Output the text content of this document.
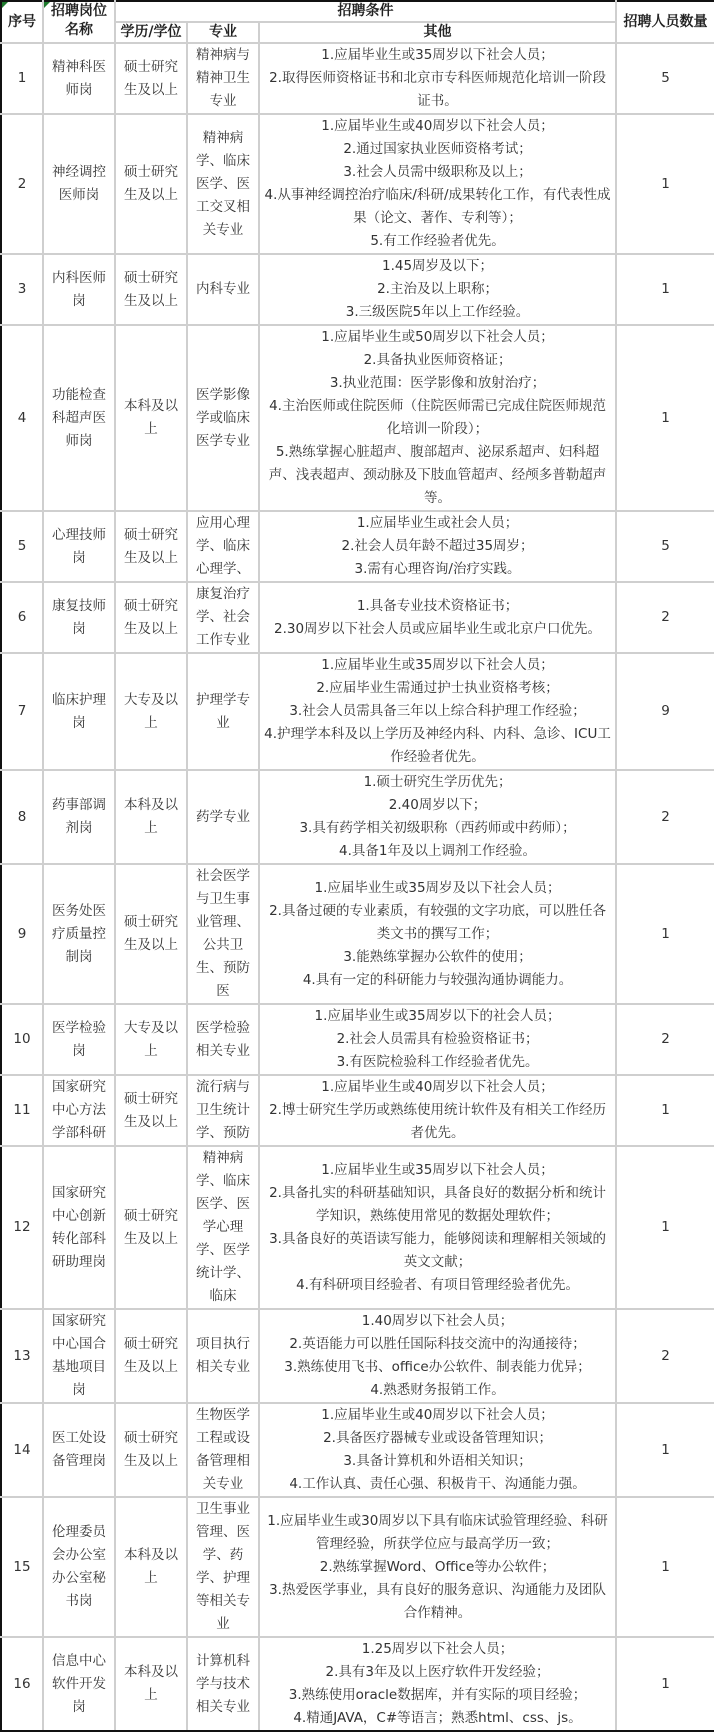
序号	招聘岗位名称	招聘条件			招聘人员数量
		学历/学位	专业	其他	
1	精神科医师岗	硕士研究生及以上	精神病与精神卫生专业	1.应届毕业生或35周岁以下社会人员；
2.取得医师资格证书和北京市专科医师规范化培训一阶段证书。	5
2	神经调控医师岗	硕士研究生及以上	精神病学、临床医学、医工交叉相关专业	1.应届毕业生或40周岁以下社会人员；
2.通过国家执业医师资格考试；
3.社会人员需中级职称及以上；
4.从事神经调控治疗临床/科研/成果转化工作，有代表性成果（论文、著作、专利等）；
5.有工作经验者优先。	1
3	内科医师岗	硕士研究生及以上	内科专业	1.45周岁及以下；
2.主治及以上职称；
3.三级医院5年以上工作经验。	1
4	功能检查科超声医师岗	本科及以上	医学影像学或临床医学专业	1.应届毕业生或50周岁以下社会人员；
2.具备执业医师资格证；
3.执业范围：医学影像和放射治疗；
4.主治医师或住院医师（住院医师需已完成住院医师规范化培训一阶段）；
5.熟练掌握心脏超声、腹部超声、泌尿系超声、妇科超声、浅表超声、颈动脉及下肢血管超声、经颅多普勒超声等。	1
5	心理技师岗	硕士研究生及以上	应用心理学、临床心理学、	1.应届毕业生或社会人员；
2.社会人员年龄不超过35周岁；
3.需有心理咨询/治疗实践。	5
6	康复技师岗	硕士研究生及以上	康复治疗学、社会工作专业	1.具备专业技术资格证书；
2.30周岁以下社会人员或应届毕业生或北京户口优先。	2
7	临床护理岗	大专及以上	护理学专业	1.应届毕业生或35周岁以下社会人员；
2.应届毕业生需通过护士执业资格考核；
3.社会人员需具备三年以上综合科护理工作经验；
4.护理学本科及以上学历及神经内科、内科、急诊、ICU工作经验者优先。	9
8	药事部调剂岗	本科及以上	药学专业	1.硕士研究生学历优先；
2.40周岁以下；
3.具有药学相关初级职称（西药师或中药师）；
4.具备1年及以上调剂工作经验。	2
9	医务处医疗质量控制岗	硕士研究生及以上	社会医学与卫生事业管理、公共卫生、预防医	1.应届毕业生或35周岁及以下社会人员；
2.具备过硬的专业素质，有较强的文字功底，可以胜任各类文书的撰写工作；
3.能熟练掌握办公软件的使用；
4.具有一定的科研能力与较强沟通协调能力。	1
10	医学检验岗	大专及以上	医学检验相关专业	1.应届毕业生或35周岁以下的社会人员；
2.社会人员需具有检验资格证书；
3.有医院检验科工作经验者优先。	2
11	国家研究中心方法学部科研	硕士研究生及以上	流行病与卫生统计学、预防	1.应届毕业生或40周岁以下社会人员；
2.博士研究生学历或熟练使用统计软件及有相关工作经历者优先。	1
12	国家研究中心创新转化部科研助理岗	硕士研究生及以上	精神病学、临床医学、医学心理学、医学统计学、临床	1.应届毕业生或35周岁以下社会人员；
2.具备扎实的科研基础知识，具备良好的数据分析和统计学知识，熟练使用常见的数据处理软件；
3.具备良好的英语读写能力，能够阅读和理解相关领域的英文文献；
4.有科研项目经验者、有项目管理经验者优先。	1
13	国家研究中心国合基地项目岗	硕士研究生及以上	项目执行相关专业	1.40周岁以下社会人员；
2.英语能力可以胜任国际科技交流中的沟通接待；
3.熟练使用飞书、office办公软件、制表能力优异；
4.熟悉财务报销工作。	2
14	医工处设备管理岗	硕士研究生及以上	生物医学工程或设备管理相关专业	1.应届毕业生或40周岁以下社会人员；
2.具备医疗器械专业或设备管理知识；
3.具备计算机和外语相关知识；
4.工作认真、责任心强、积极肯干、沟通能力强。	1
15	伦理委员会办公室办公室秘书岗	本科及以上	卫生事业管理、医学、药学、护理等相关专业	1.应届毕业生或30周岁以下具有临床试验管理经验、科研管理经验，所获学位应与最高学历一致；
2.熟练掌握Word、Office等办公软件；
3.热爱医学事业，具有良好的服务意识、沟通能力及团队合作精神。	1
16	信息中心软件开发岗	本科及以上	计算机科学与技术相关专业	1.25周岁以下社会人员；
2.具有3年及以上医疗软件开发经验；
3.熟练使用oracle数据库，并有实际的项目经验；
4.精通JAVA，C#等语言；熟悉html、css、js。	1
